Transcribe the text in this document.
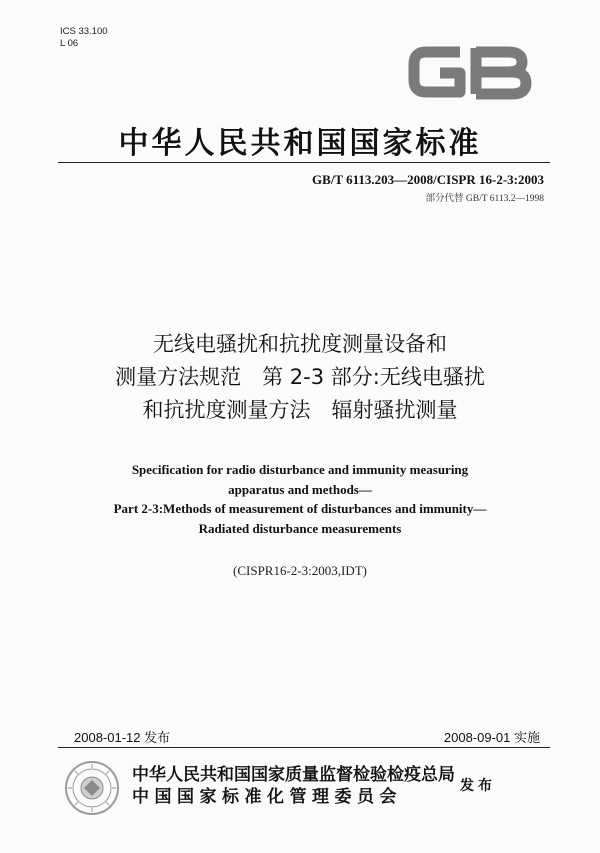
ICS 33.100
L 06
中华人民共和国国家标准
GB/T 6113.203—2008/CISPR 16-2-3:2003
部分代替 GB/T 6113.2—1998
无线电骚扰和抗扰度测量设备和
测量方法规范　第 2-3 部分:无线电骚扰
和抗扰度测量方法　辐射骚扰测量
Specification for radio disturbance and immunity measuring
apparatus and methods—
Part 2-3:Methods of measurement of disturbances and immunity—
Radiated disturbance measurements
(CISPR16-2-3:2003,IDT)
2008-01-12 发布	2008-09-01 实施
中华人民共和国国家质量监督检验检疫总局
中国国家标准化管理委员会
发布
